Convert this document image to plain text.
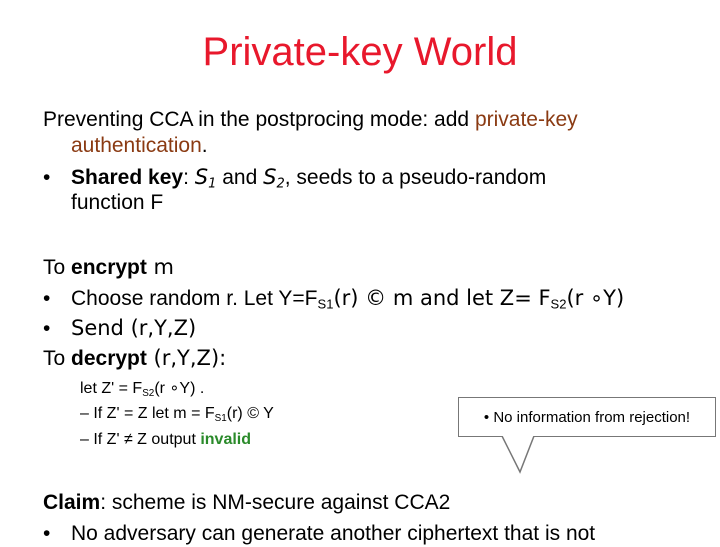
Private-key World
Preventing CCA in the postprocing mode: add private-key
authentication.
• Shared key: $S_1$ and $S_2$, seeds to a pseudo-random
function F
To encrypt m
• Choose random r. Let $Y=F_{S1}(r)$ © m and let $Z= F_{S2}(r$ ∘Y)
• Send (r,Y,Z)
To decrypt (r,Y,Z):
let $Z' = F_{S2}(r$ ∘Y) .
– If Z' = Z let $m = F_{S1}(r)$ © Y
– If Z' ≠ Z output invalid
• No information from rejection!
Claim: scheme is NM-secure against CCA2
• No adversary can generate another ciphertext that is not
